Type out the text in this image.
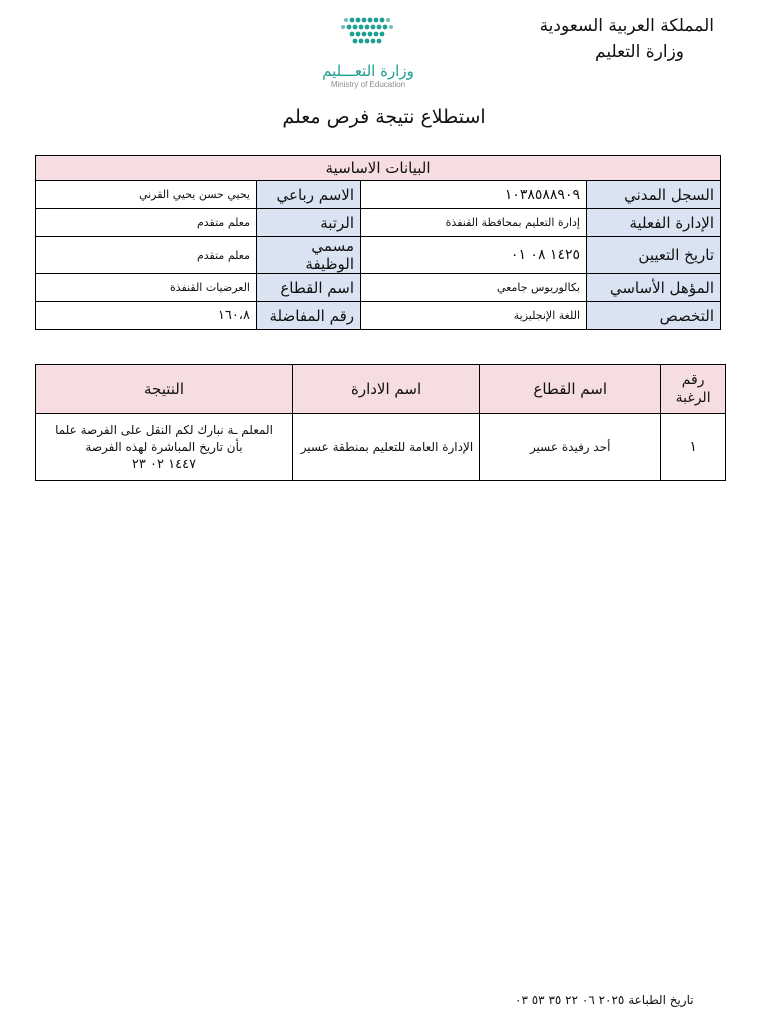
المملكة العربية السعودية

وزارة التعليم

وزارة التعـــليم
Ministry of Education
استطلاع نتيجة فرص معلم
البيانات الاساسية			
السجل المدني	١٠٣٨٥٨٨٩٠٩	الاسم رباعي	يحيي حسن يحيي القرني
الإدارة الفعلية	إدارة التعليم بمحافظة القنفذة	الرتبة	معلم متقدم
تاريخ التعيين	١٤٢٥ ٠٨ ٠١	مسمي الوظيفة	معلم متقدم
المؤهل الأساسي	بكالوريوس جامعي	اسم القطاع	العرضيات القنفذة
التخصص	اللغة الإنجليزية	رقم المفاضلة	١٦٠،٨
رقم الرغبة	اسم القطاع	اسم الادارة	النتيجة
١	أحد رفيدة عسير	الإدارة العامة للتعليم بمنطقة عسير	المعلم ـة نبارك لكم النقل على الفرصة علما
بأن تاريخ المباشرة لهذه الفرصة
١٤٤٧ ٠٢ ٢٣
تاريخ الطباعة ٢٠٢٥ ٠٦ ٢٢ ٣٥ ٥٣ ٠٣
